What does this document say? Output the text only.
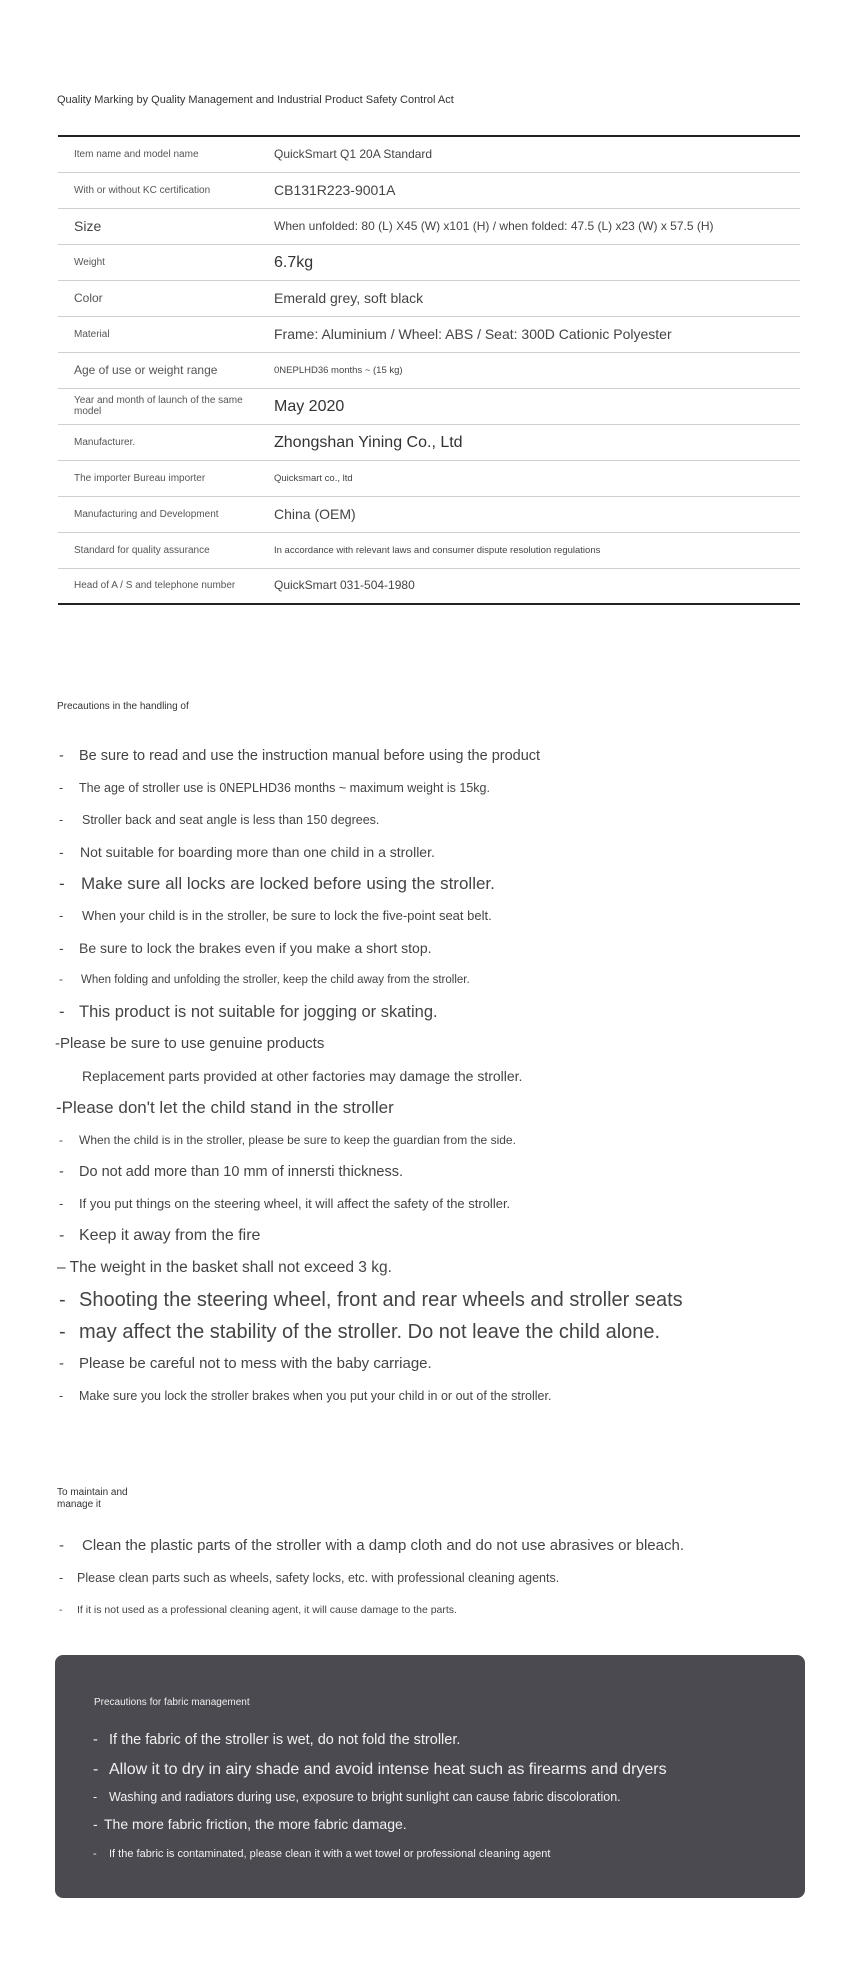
Quality Marking by Quality Management and Industrial Product Safety Control Act
Item name and model name	QuickSmart Q1 20A Standard
With or without KC certification	CB131R223-9001A
Size	When unfolded: 80 (L) X45 (W) x101 (H) / when folded: 47.5 (L) x23 (W) x 57.5 (H)
Weight	6.7kg
Color	Emerald grey, soft black
Material	Frame: Aluminium / Wheel: ABS / Seat: 300D Cationic Polyester
Age of use or weight range	0NEPLHD36 months ~ (15 kg)
Year and month of launch of the same model	May 2020
Manufacturer.	Zhongshan Yining Co., Ltd
The importer Bureau importer	Quicksmart co., ltd
Manufacturing and Development	China (OEM)
Standard for quality assurance	In accordance with relevant laws and consumer dispute resolution regulations
Head of A / S and telephone number	QuickSmart 031-504-1980
Precautions in the handling of
- Be sure to read and use the instruction manual before using the product
- The age of stroller use is 0NEPLHD36 months ~ maximum weight is 15kg.
- Stroller back and seat angle is less than 150 degrees.
- Not suitable for boarding more than one child in a stroller.
- Make sure all locks are locked before using the stroller.
- When your child is in the stroller, be sure to lock the five-point seat belt.
- Be sure to lock the brakes even if you make a short stop.
- When folding and unfolding the stroller, keep the child away from the stroller.
- This product is not suitable for jogging or skating.
-Please be sure to use genuine products
Replacement parts provided at other factories may damage the stroller.
-Please don't let the child stand in the stroller
- When the child is in the stroller, please be sure to keep the guardian from the side.
- Do not add more than 10 mm of innersti thickness.
- If you put things on the steering wheel, it will affect the safety of the stroller.
- Keep it away from the fire
– The weight in the basket shall not exceed 3 kg.
- Shooting the steering wheel, front and rear wheels and stroller seats
- may affect the stability of the stroller. Do not leave the child alone.
- Please be careful not to mess with the baby carriage.
- Make sure you lock the stroller brakes when you put your child in or out of the stroller.
To maintain and manage it
- Clean the plastic parts of the stroller with a damp cloth and do not use abrasives or bleach.
- Please clean parts such as wheels, safety locks, etc. with professional cleaning agents.
- If it is not used as a professional cleaning agent, it will cause damage to the parts.
Precautions for fabric management
- If the fabric of the stroller is wet, do not fold the stroller.
- Allow it to dry in airy shade and avoid intense heat such as firearms and dryers
- Washing and radiators during use, exposure to bright sunlight can cause fabric discoloration.
- The more fabric friction, the more fabric damage.
- If the fabric is contaminated, please clean it with a wet towel or professional cleaning agent
